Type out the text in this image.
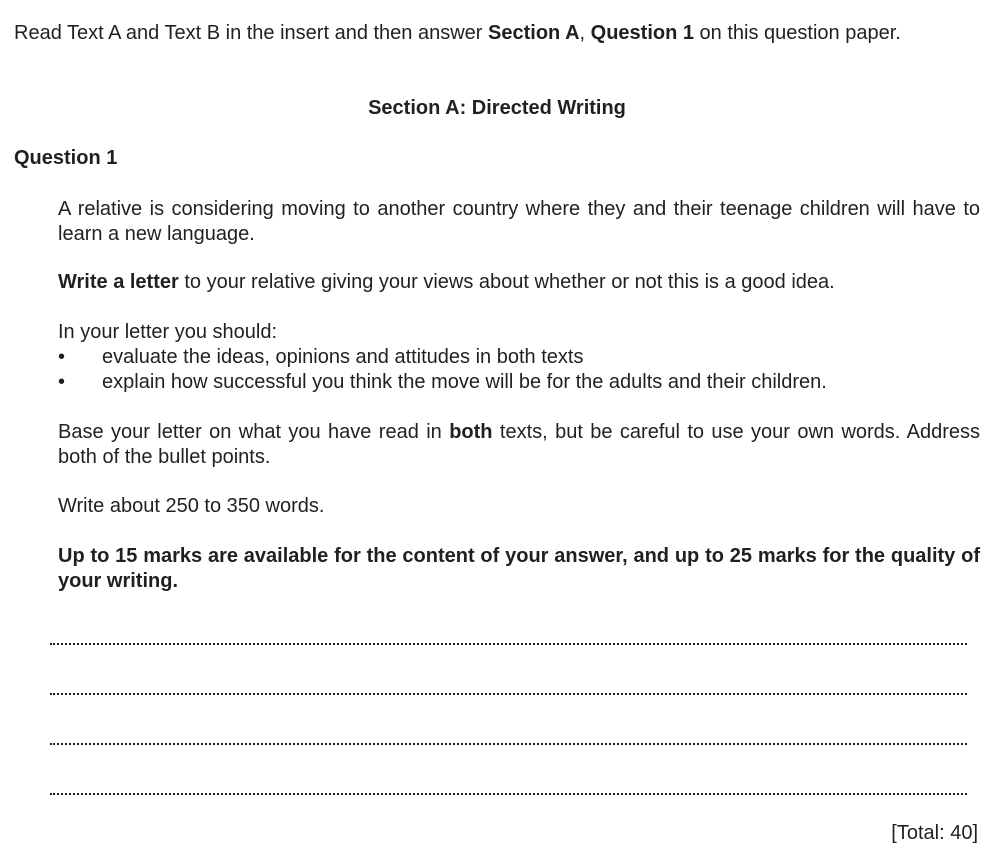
Read Text A and Text B in the insert and then answer Section A, Question 1 on this question paper.
Section A: Directed Writing
Question 1
A relative is considering moving to another country where they and their teenage children will have to learn a new language.
Write a letter to your relative giving your views about whether or not this is a good idea.
In your letter you should:
• evaluate the ideas, opinions and attitudes in both texts
• explain how successful you think the move will be for the adults and their children.
Base your letter on what you have read in both texts, but be careful to use your own words. Address both of the bullet points.
Write about 250 to 350 words.
Up to 15 marks are available for the content of your answer, and up to 25 marks for the quality of your writing.
[Total: 40]
